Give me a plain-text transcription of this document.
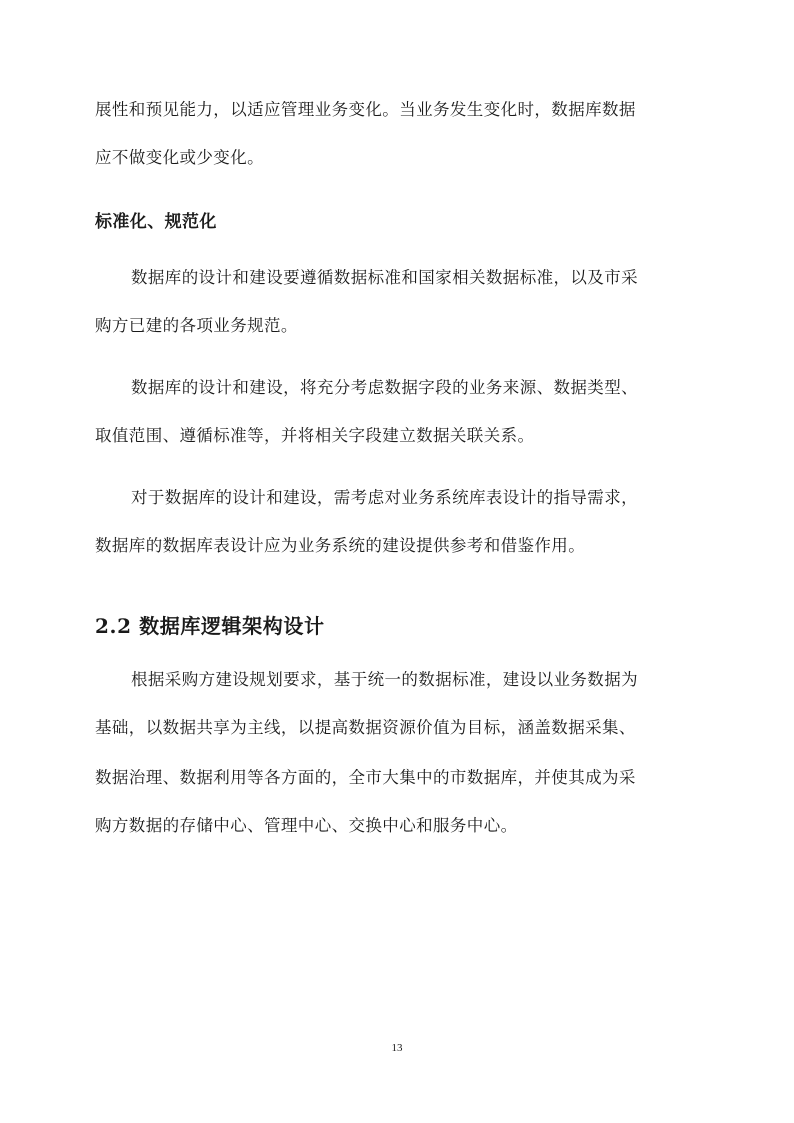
展性和预见能力，以适应管理业务变化。当业务发生变化时，数据库数据
应不做变化或少变化。
标准化、规范化
数据库的设计和建设要遵循数据标准和国家相关数据标准，以及市采
购方已建的各项业务规范。
数据库的设计和建设，将充分考虑数据字段的业务来源、数据类型、
取值范围、遵循标准等，并将相关字段建立数据关联关系。
对于数据库的设计和建设，需考虑对业务系统库表设计的指导需求，
数据库的数据库表设计应为业务系统的建设提供参考和借鉴作用。
2.2 数据库逻辑架构设计
根据采购方建设规划要求，基于统一的数据标准，建设以业务数据为
基础，以数据共享为主线，以提高数据资源价值为目标，涵盖数据采集、
数据治理、数据利用等各方面的，全市大集中的市数据库，并使其成为采
购方数据的存储中心、管理中心、交换中心和服务中心。
13
